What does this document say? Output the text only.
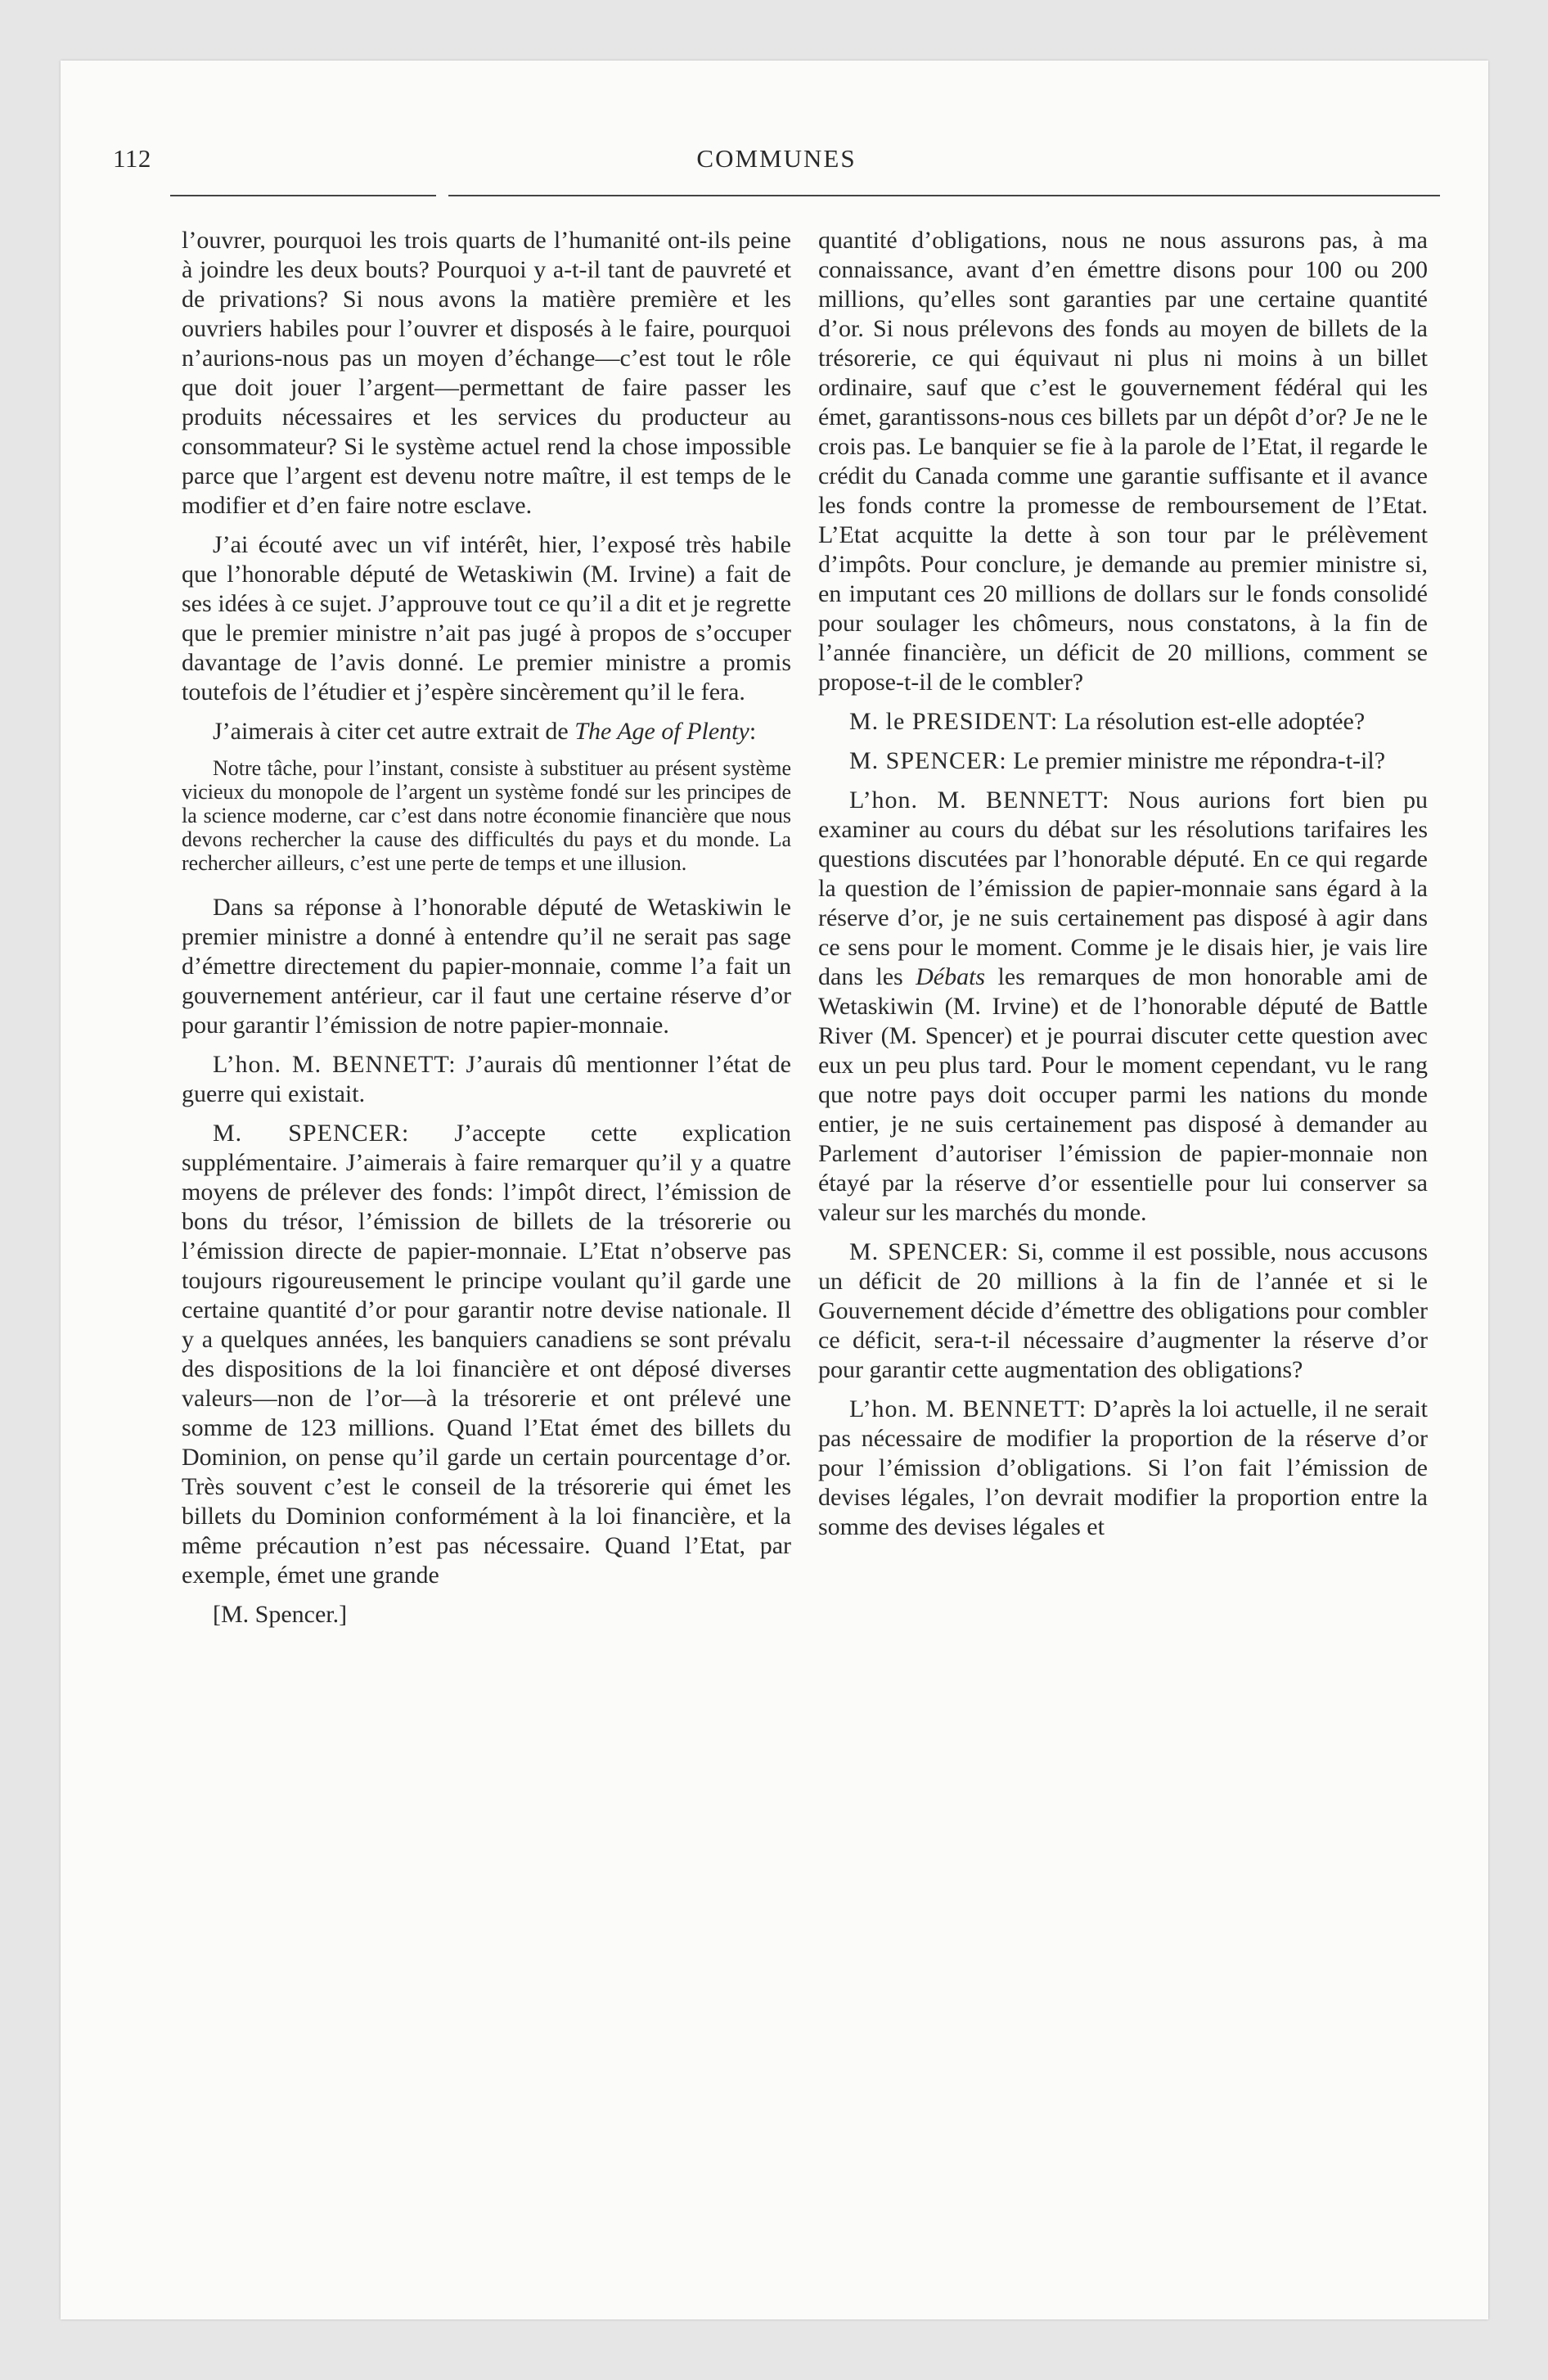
112	COMMUNES

l’ouvrer, pourquoi les trois quarts de l’humanité ont-ils peine à joindre les deux bouts? Pourquoi y a-t-il tant de pauvreté et de privations? Si nous avons la matière première et les ouvriers habiles pour l’ouvrer et disposés à le faire, pourquoi n’aurions-nous pas un moyen d’échange—c’est tout le rôle que doit jouer l’argent—permettant de faire passer les produits nécessaires et les services du producteur au consommateur? Si le système actuel rend la chose impossible parce que l’argent est devenu notre maître, il est temps de le modifier et d’en faire notre esclave.

J’ai écouté avec un vif intérêt, hier, l’exposé très habile que l’honorable député de Wetaskiwin (M. Irvine) a fait de ses idées à ce sujet. J’approuve tout ce qu’il a dit et je regrette que le premier ministre n’ait pas jugé à propos de s’occuper davantage de l’avis donné. Le premier ministre a promis toutefois de l’étudier et j’espère sincèrement qu’il le fera.

J’aimerais à citer cet autre extrait de The Age of Plenty:

Notre tâche, pour l’instant, consiste à substituer au présent système vicieux du monopole de l’argent un système fondé sur les principes de la science moderne, car c’est dans notre économie financière que nous devons rechercher la cause des difficultés du pays et du monde. La rechercher ailleurs, c’est une perte de temps et une illusion.

Dans sa réponse à l’honorable député de Wetaskiwin le premier ministre a donné à entendre qu’il ne serait pas sage d’émettre directement du papier-monnaie, comme l’a fait un gouvernement antérieur, car il faut une certaine réserve d’or pour garantir l’émission de notre papier-monnaie.

L’hon. M. BENNETT: J’aurais dû mentionner l’état de guerre qui existait.

M. SPENCER: J’accepte cette explication supplémentaire. J’aimerais à faire remarquer qu’il y a quatre moyens de prélever des fonds: l’impôt direct, l’émission de bons du trésor, l’émission de billets de la trésorerie ou l’émission directe de papier-monnaie. L’Etat n’observe pas toujours rigoureusement le principe voulant qu’il garde une certaine quantité d’or pour garantir notre devise nationale. Il y a quelques années, les banquiers canadiens se sont prévalu des dispositions de la loi financière et ont déposé diverses valeurs—non de l’or—à la trésorerie et ont prélevé une somme de 123 millions. Quand l’Etat émet des billets du Dominion, on pense qu’il garde un certain pourcentage d’or. Très souvent c’est le conseil de la trésorerie qui émet les billets du Dominion conformément à la loi financière, et la même précaution n’est pas nécessaire. Quand l’Etat, par exemple, émet une grande

[M. Spencer.]

quantité d’obligations, nous ne nous assurons pas, à ma connaissance, avant d’en émettre disons pour 100 ou 200 millions, qu’elles sont garanties par une certaine quantité d’or. Si nous prélevons des fonds au moyen de billets de la trésorerie, ce qui équivaut ni plus ni moins à un billet ordinaire, sauf que c’est le gouvernement fédéral qui les émet, garantissons-nous ces billets par un dépôt d’or? Je ne le crois pas. Le banquier se fie à la parole de l’Etat, il regarde le crédit du Canada comme une garantie suffisante et il avance les fonds contre la promesse de remboursement de l’Etat. L’Etat acquitte la dette à son tour par le prélèvement d’impôts. Pour conclure, je demande au premier ministre si, en imputant ces 20 millions de dollars sur le fonds consolidé pour soulager les chômeurs, nous constatons, à la fin de l’année financière, un déficit de 20 millions, comment se propose-t-il de le combler?

M. le PRESIDENT: La résolution est-elle adoptée?

M. SPENCER: Le premier ministre me répondra-t-il?

L’hon. M. BENNETT: Nous aurions fort bien pu examiner au cours du débat sur les résolutions tarifaires les questions discutées par l’honorable député. En ce qui regarde la question de l’émission de papier-monnaie sans égard à la réserve d’or, je ne suis certainement pas disposé à agir dans ce sens pour le moment. Comme je le disais hier, je vais lire dans les Débats les remarques de mon honorable ami de Wetaskiwin (M. Irvine) et de l’honorable député de Battle River (M. Spencer) et je pourrai discuter cette question avec eux un peu plus tard. Pour le moment cependant, vu le rang que notre pays doit occuper parmi les nations du monde entier, je ne suis certainement pas disposé à demander au Parlement d’autoriser l’émission de papier-monnaie non étayé par la réserve d’or essentielle pour lui conserver sa valeur sur les marchés du monde.

M. SPENCER: Si, comme il est possible, nous accusons un déficit de 20 millions à la fin de l’année et si le Gouvernement décide d’émettre des obligations pour combler ce déficit, sera-t-il nécessaire d’augmenter la réserve d’or pour garantir cette augmentation des obligations?

L’hon. M. BENNETT: D’après la loi actuelle, il ne serait pas nécessaire de modifier la proportion de la réserve d’or pour l’émission d’obligations. Si l’on fait l’émission de devises légales, l’on devrait modifier la proportion entre la somme des devises légales et
